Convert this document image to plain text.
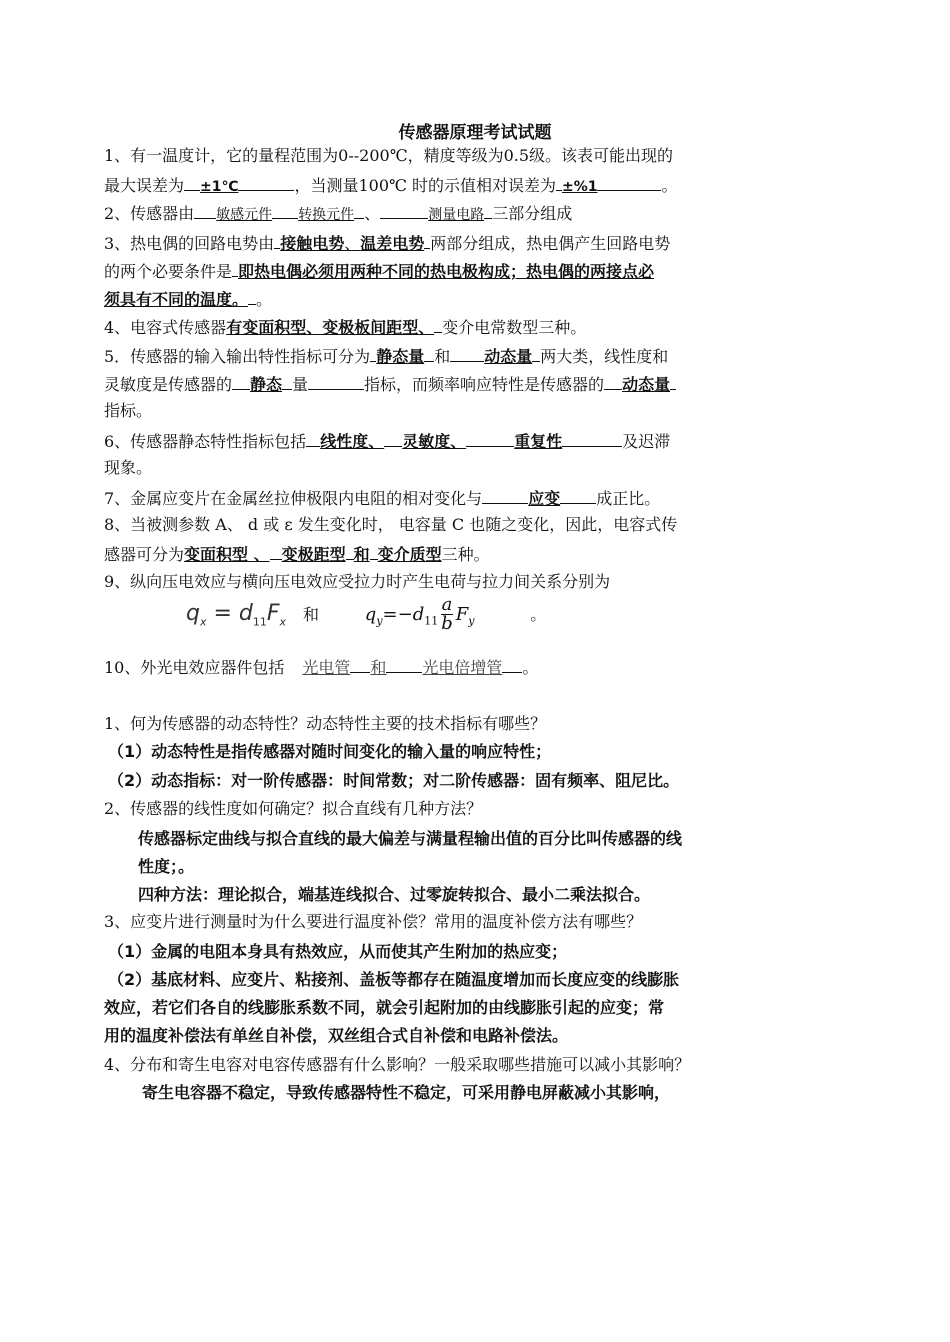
传感器原理考试试题
1、有一温度计，它的量程范围为0--200℃，精度等级为0.5级。该表可能出现的
最大误差为 ±1℃	，当测量100℃ 时的示值相对误差为 ±%1	。
2、传感器由 敏感元件 转换元件 、	测量电路 三部分组成
3、热电偶的回路电势由 接触电势、温差电势 两部分组成，热电偶产生回路电势
的两个必要条件是 即热电偶必须用两种不同的热电极构成；热电偶的两接点必
须具有不同的温度。 。
4、电容式传感器有变面积型、变极板间距型、 变介电常数型三种。
5．传感器的输入输出特性指标可分为 静态量 和 动态量 两大类，线性度和
灵敏度是传感器的 静态 量	指标，而频率响应特性是传感器的 动态量
指标。
6、传感器静态特性指标包括 线性度、 灵敏度、	重复性	及迟滞
现象。
7、金属应变片在金属丝拉伸极限内电阻的相对变化与	应变 成正比。
8、当被测参数 A、 d 或 ε 发生变化时， 电容量 C 也随之变化，因此，电容式传
感器可分为变面积型 、 变极距型 和 变介质型三种。
9、纵向压电效应与横向压电效应受拉力时产生电荷与拉力间关系分别为
$q_x = d_{11}F_x$ 和	$q_y=-d_{11} \frac{a}{b} F_y$	。
10、外光电效应器件包括 光电管 和 光电倍增管 。
1、何为传感器的动态特性？动态特性主要的技术指标有哪些？
（1）动态特性是指传感器对随时间变化的输入量的响应特性；
（2）动态指标：对一阶传感器：时间常数；对二阶传感器：固有频率、阻尼比。
2、传感器的线性度如何确定？拟合直线有几种方法？
传感器标定曲线与拟合直线的最大偏差与满量程输出值的百分比叫传感器的线
性度；。
四种方法：理论拟合，端基连线拟合、过零旋转拟合、最小二乘法拟合。
3、应变片进行测量时为什么要进行温度补偿？常用的温度补偿方法有哪些？
（1）金属的电阻本身具有热效应，从而使其产生附加的热应变；
（2）基底材料、应变片、粘接剂、盖板等都存在随温度增加而长度应变的线膨胀
效应，若它们各自的线膨胀系数不同，就会引起附加的由线膨胀引起的应变；常
用的温度补偿法有单丝自补偿，双丝组合式自补偿和电路补偿法。
4、分布和寄生电容对电容传感器有什么影响？一般采取哪些措施可以减小其影响？
寄生电容器不稳定，导致传感器特性不稳定，可采用静电屏蔽减小其影响，
